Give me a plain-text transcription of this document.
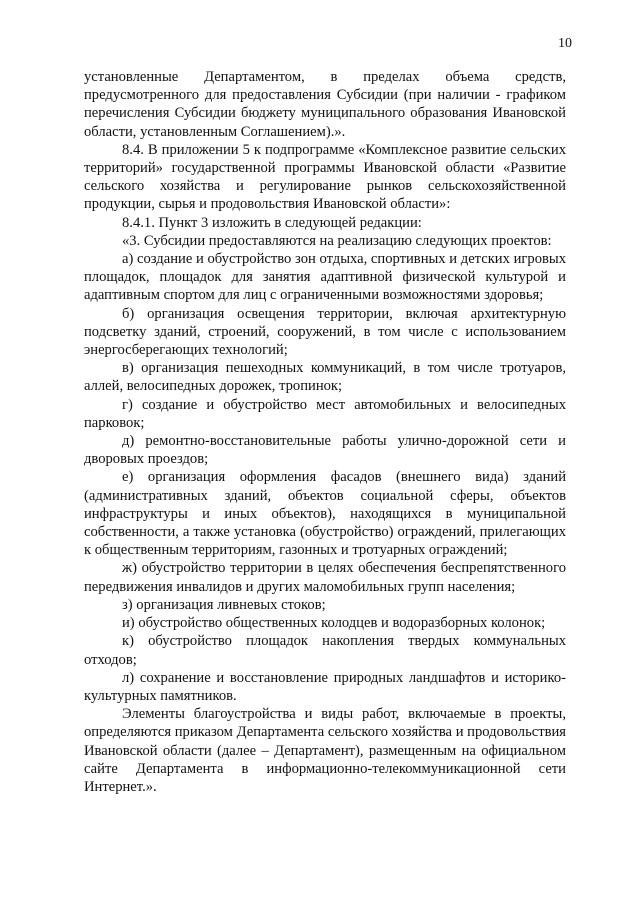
10

установленные Департаментом, в пределах объема средств, предусмотренного для предоставления Субсидии (при наличии - графиком перечисления Субсидии бюджету муниципального образования Ивановской области, установленным Соглашением).».

8.4. В приложении 5 к подпрограмме «Комплексное развитие сельских территорий» государственной программы Ивановской области «Развитие сельского хозяйства и регулирование рынков сельскохозяйственной продукции, сырья и продовольствия Ивановской области»:

8.4.1. Пункт 3 изложить в следующей редакции:

«3. Субсидии предоставляются на реализацию следующих проектов:

а) создание и обустройство зон отдыха, спортивных и детских игровых площадок, площадок для занятия адаптивной физической культурой и адаптивным спортом для лиц с ограниченными возможностями здоровья;

б) организация освещения территории, включая архитектурную подсветку зданий, строений, сооружений, в том числе с использованием энергосберегающих технологий;

в) организация пешеходных коммуникаций, в том числе тротуаров, аллей, велосипедных дорожек, тропинок;

г) создание и обустройство мест автомобильных и велосипедных парковок;

д) ремонтно-восстановительные работы улично-дорожной сети и дворовых проездов;

е) организация оформления фасадов (внешнего вида) зданий (административных зданий, объектов социальной сферы, объектов инфраструктуры и иных объектов), находящихся в муниципальной собственности, а также установка (обустройство) ограждений, прилегающих к общественным территориям, газонных и тротуарных ограждений;

ж) обустройство территории в целях обеспечения беспрепятственного передвижения инвалидов и других маломобильных групп населения;

з) организация ливневых стоков;

и) обустройство общественных колодцев и водоразборных колонок;

к) обустройство площадок накопления твердых коммунальных отходов;

л) сохранение и восстановление природных ландшафтов и историко-культурных памятников.

Элементы благоустройства и виды работ, включаемые в проекты, определяются приказом Департамента сельского хозяйства и продовольствия Ивановской области (далее – Департамент), размещенным на официальном сайте Департамента в информационно-телекоммуникационной сети Интернет.».
